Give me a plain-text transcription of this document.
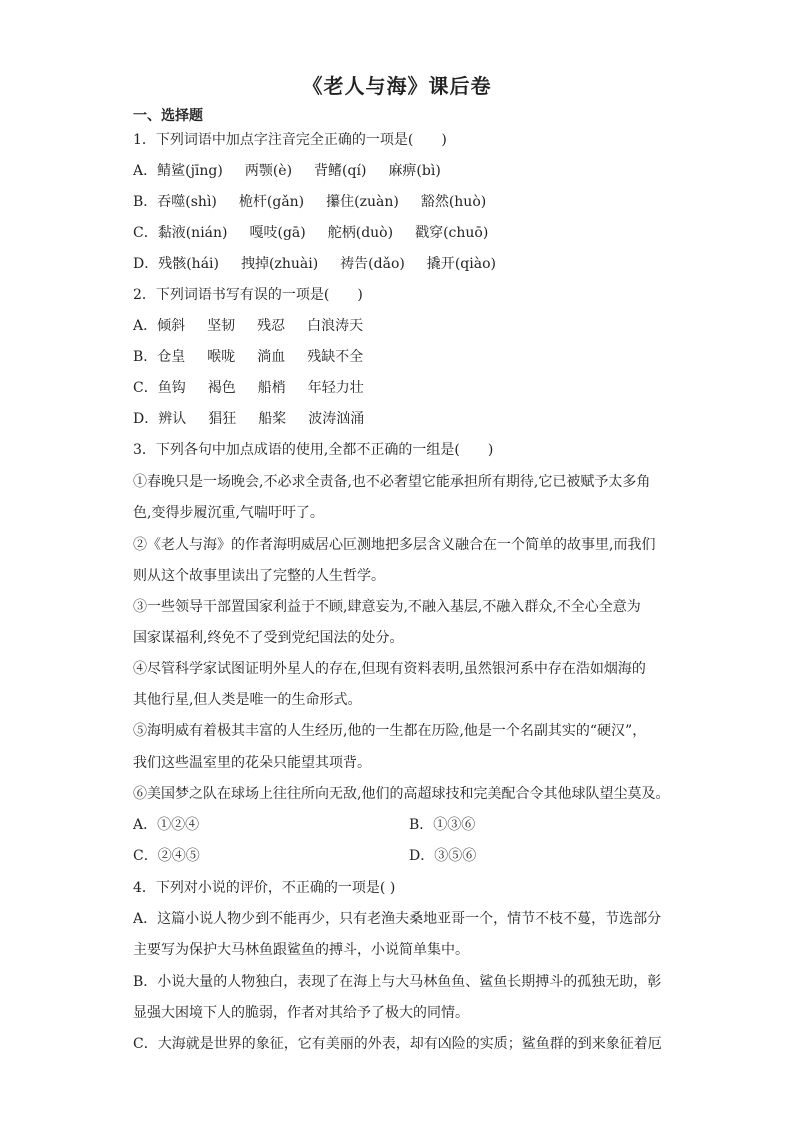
《老人与海》课后卷
一、选择题
1．下列词语中加点字注音完全正确的一项是(　　)
A．鲭鲨(jīng) 两颚(è) 背鳍(qí) 麻痹(bì)
B．吞噬(shì) 桅杆(gǎn) 攥住(zuàn) 豁然(huò)
C．黏液(nián) 嘎吱(gā) 舵柄(duò) 戳穿(chuō)
D．残骸(hái) 拽掉(zhuài) 祷告(dǎo) 撬开(qiào)
2．下列词语书写有误的一项是(　　)
A．倾斜 坚韧 残忍 白浪涛天
B．仓皇 喉咙 淌血 残缺不全
C．鱼钩 褐色 船梢 年轻力壮
D．辨认 猖狂 船桨 波涛汹涌
3．下列各句中加点成语的使用,全都不正确的一组是(　　)
①春晚只是一场晚会,不必求全责备,也不必奢望它能承担所有期待,它已被赋予太多角
色,变得步履沉重,气喘吁吁了。
②《老人与海》的作者海明威居心叵测地把多层含义融合在一个简单的故事里,而我们
则从这个故事里读出了完整的人生哲学。
③一些领导干部置国家利益于不顾,肆意妄为,不融入基层,不融入群众,不全心全意为
国家谋福利,终免不了受到党纪国法的处分。
④尽管科学家试图证明外星人的存在,但现有资料表明,虽然银河系中存在浩如烟海的
其他行星,但人类是唯一的生命形式。
⑤海明威有着极其丰富的人生经历,他的一生都在历险,他是一个名副其实的“硬汉”，
我们这些温室里的花朵只能望其项背。
⑥美国梦之队在球场上往往所向无敌,他们的高超球技和完美配合令其他球队望尘莫及。
A．①②④	B．①③⑥
C．②④⑤	D．③⑤⑥
4．下列对小说的评价，不正确的一项是( )
A．这篇小说人物少到不能再少，只有老渔夫桑地亚哥一个，情节不枝不蔓，节选部分
主要写为保护大马林鱼跟鲨鱼的搏斗，小说简单集中。
B．小说大量的人物独白，表现了在海上与大马林鱼鱼、鲨鱼长期搏斗的孤独无助，彰
显强大困境下人的脆弱，作者对其给予了极大的同情。
C．大海就是世界的象征，它有美丽的外表，却有凶险的实质；鲨鱼群的到来象征着厄
